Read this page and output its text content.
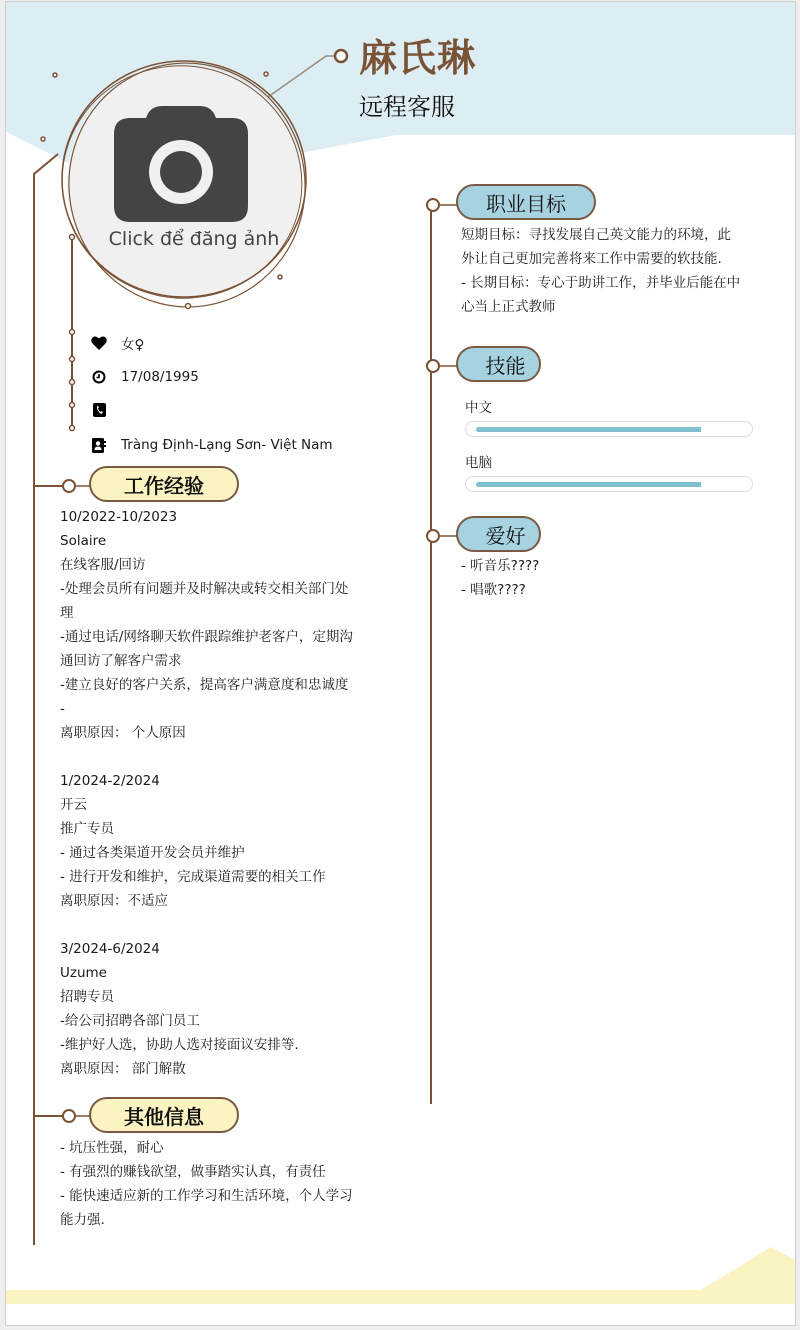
Click để đăng ảnh
麻氏琳
远程客服
女♀
17/08/1995
Tràng Định-Lạng Sơn- Việt Nam
工作经验
10/2022-10/2023
Solaire
在线客服/回访
-处理会员所有问题并及时解决或转交相关部门处
理
-通过电话/网络聊天软件跟踪维护老客户，定期沟
通回访了解客户需求
-建立良好的客户关系，提高客户满意度和忠诚度
-
离职原因： 个人原因
1/2024-2/2024
开云
推广专员
- 通过各类渠道开发会员并维护
- 进行开发和维护，完成渠道需要的相关工作
离职原因：不适应
3/2024-6/2024
Uzume
招聘专员
-给公司招聘各部门员工
-维护好人选，协助人选对接面议安排等.
离职原因： 部门解散
其他信息
- 坑压性强，耐心
- 有强烈的赚钱欲望，做事踏实认真，有责任
- 能快速适应新的工作学习和生活环境，个人学习
能力强.
职业目标
短期目标：寻找发展自己英文能力的环境，此
外让自己更加完善将来工作中需要的软技能.
- 长期目标：专心于助讲工作，并毕业后能在中
心当上正式教师
技能
中文
电脑
爱好
- 听音乐????
- 唱歌????
